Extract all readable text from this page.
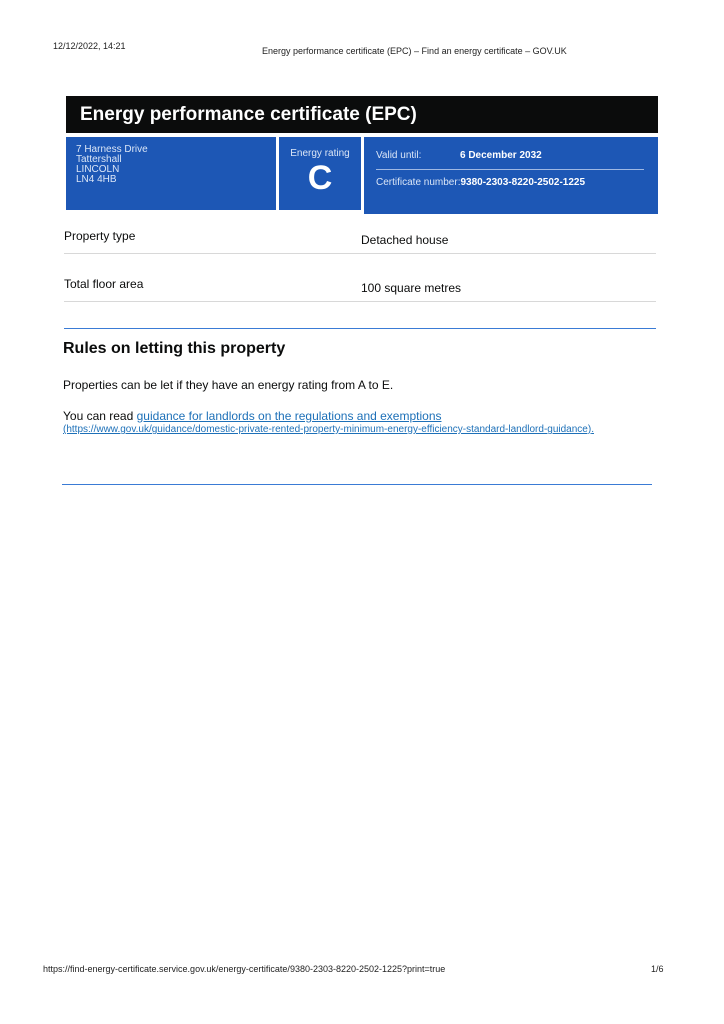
12/12/2022, 14:21	Energy performance certificate (EPC) – Find an energy certificate – GOV.UK
Energy performance certificate (EPC)
7 Harness Drive
Tattershall
LINCOLN
LN4 4HB
Energy rating
C
Valid until:	6 December 2032
Certificate number:9380-2303-8220-2502-1225
Property type	Detached house
Total floor area	100 square metres
Rules on letting this property
Properties can be let if they have an energy rating from A to E.
You can read guidance for landlords on the regulations and exemptions
(https://www.gov.uk/guidance/domestic-private-rented-property-minimum-energy-efficiency-standard-landlord-guidance).
https://find-energy-certificate.service.gov.uk/energy-certificate/9380-2303-8220-2502-1225?print=true	1/6
